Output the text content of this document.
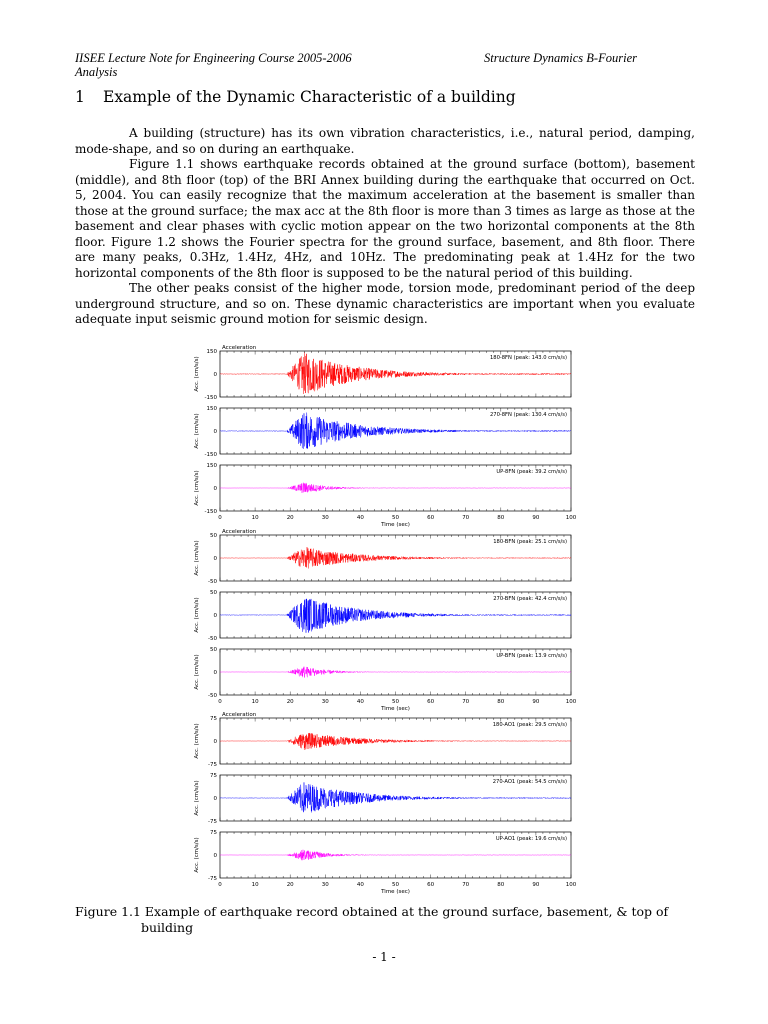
IISEE Lecture Note for Engineering Course 2005-2006	Structure Dynamics B-Fourier
Analysis
1 Example of the Dynamic Characteristic of a building

A building (structure) has its own vibration characteristics, i.e., natural period, damping, mode-shape, and so on during an earthquake.

Figure 1.1 shows earthquake records obtained at the ground surface (bottom), basement (middle), and 8th floor (top) of the BRI Annex building during the earthquake that occurred on Oct. 5, 2004. You can easily recognize that the maximum acceleration at the basement is smaller than those at the ground surface; the max acc at the 8th floor is more than 3 times as large as those at the basement and clear phases with cyclic motion appear on the two horizontal components at the 8th floor. Figure 1.2 shows the Fourier spectra for the ground surface, basement, and 8th floor. There are many peaks, 0.3Hz, 1.4Hz, 4Hz, and 10Hz. The predominating peak at 1.4Hz for the two horizontal components of the 8th floor is supposed to be the natural period of this building.

The other peaks consist of the higher mode, torsion mode, predominant period of the deep underground structure, and so on. These dynamic characteristics are important when you evaluate adequate input seismic ground motion for seismic design.

Acceleration
150
0
-150
Acc. (cm/s/s)	180-8FN (peak: 143.0 cm/s/s)
150
0
-150
Acc. (cm/s/s)	270-8FN (peak: 130.4 cm/s/s)
150
0
-150
Acc. (cm/s/s)	UP-8FN (peak: 39.2 cm/s/s)
0	10	20	30	40	50	60	70	80	90	100
Time (sec)
Acceleration
50
0
-50
Acc. (cm/s/s)	180-BFN (peak: 25.1 cm/s/s)
50
0
-50
Acc. (cm/s/s)	270-BFN (peak: 42.4 cm/s/s)
50
0
-50
Acc. (cm/s/s)	UP-BFN (peak: 13.9 cm/s/s)
0	10	20	30	40	50	60	70	80	90	100
Time (sec)
Acceleration
75
0
-75
Acc. (cm/s/s)	180-AO1 (peak: 29.5 cm/s/s)
75
0
-75
Acc. (cm/s/s)	270-AO1 (peak: 54.5 cm/s/s)
75
0
-75
Acc. (cm/s/s)	UP-AO1 (peak: 19.6 cm/s/s)
0	10	20	30	40	50	60	70	80	90	100
Time (sec)
Figure 1.1 Example of earthquake record obtained at the ground surface, basement, & top of
building
- 1 -
